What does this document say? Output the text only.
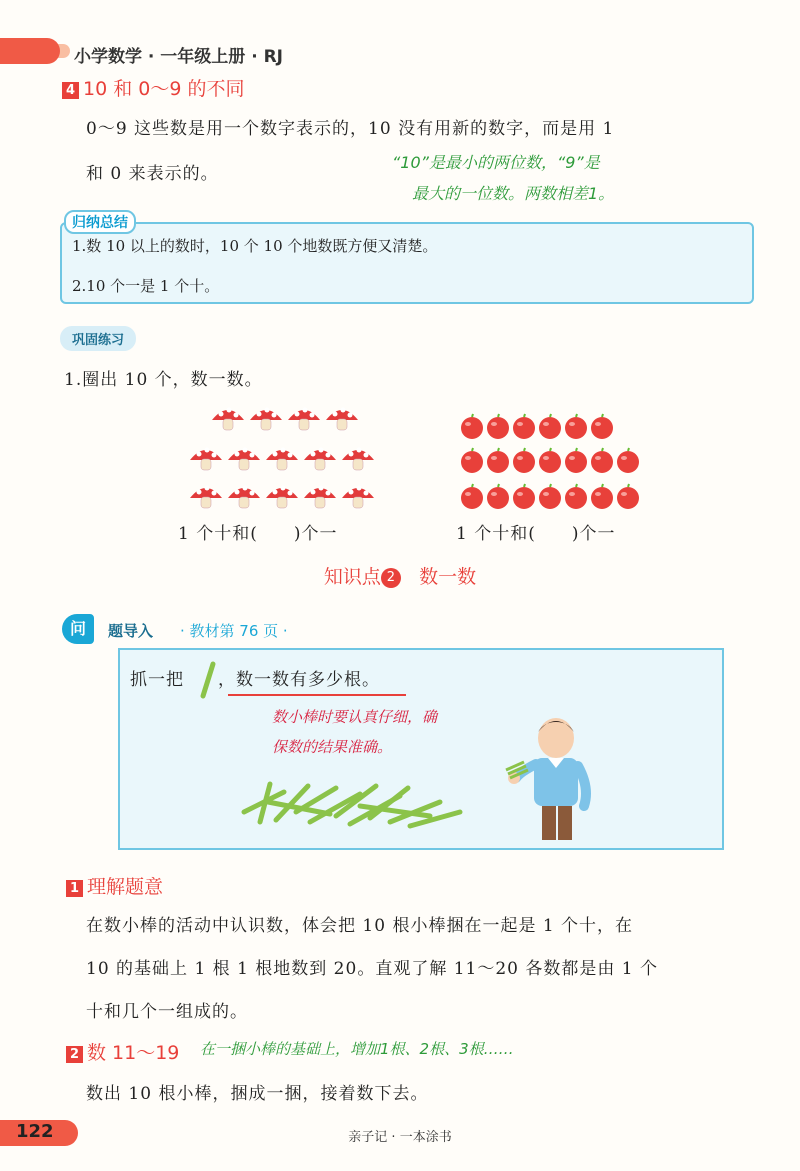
小学数学 · 一年级上册 · RJ
4 10 和 0～9 的不同
0～9 这些数是用一个数字表示的，10 没有用新的数字，而是用 1
和 0 来表示的。
“10”是最小的两位数，“9”是
最大的一位数。两数相差1。
归纳总结
1.数 10 以上的数时，10 个 10 个地数既方便又清楚。
2.10 个一是 1 个十。
巩固练习
1.圈出 10 个，数一数。
1 个十和(　　)个一	1 个十和(　　)个一
知识点 2 数一数
问	题导入 · 教材第 76 页 ·
抓一把 ，数一数有多少根。
数小棒时要认真仔细，确
保数的结果准确。
1 理解题意
在数小棒的活动中认识数，体会把 10 根小棒捆在一起是 1 个十，在
10 的基础上 1 根 1 根地数到 20。直观了解 11～20 各数都是由 1 个
十和几个一组成的。
2 数 11～19 在一捆小棒的基础上，增加1根、2根、3根……
数出 10 根小棒，捆成一捆，接着数下去。
122	亲子记 · 一本涂书
